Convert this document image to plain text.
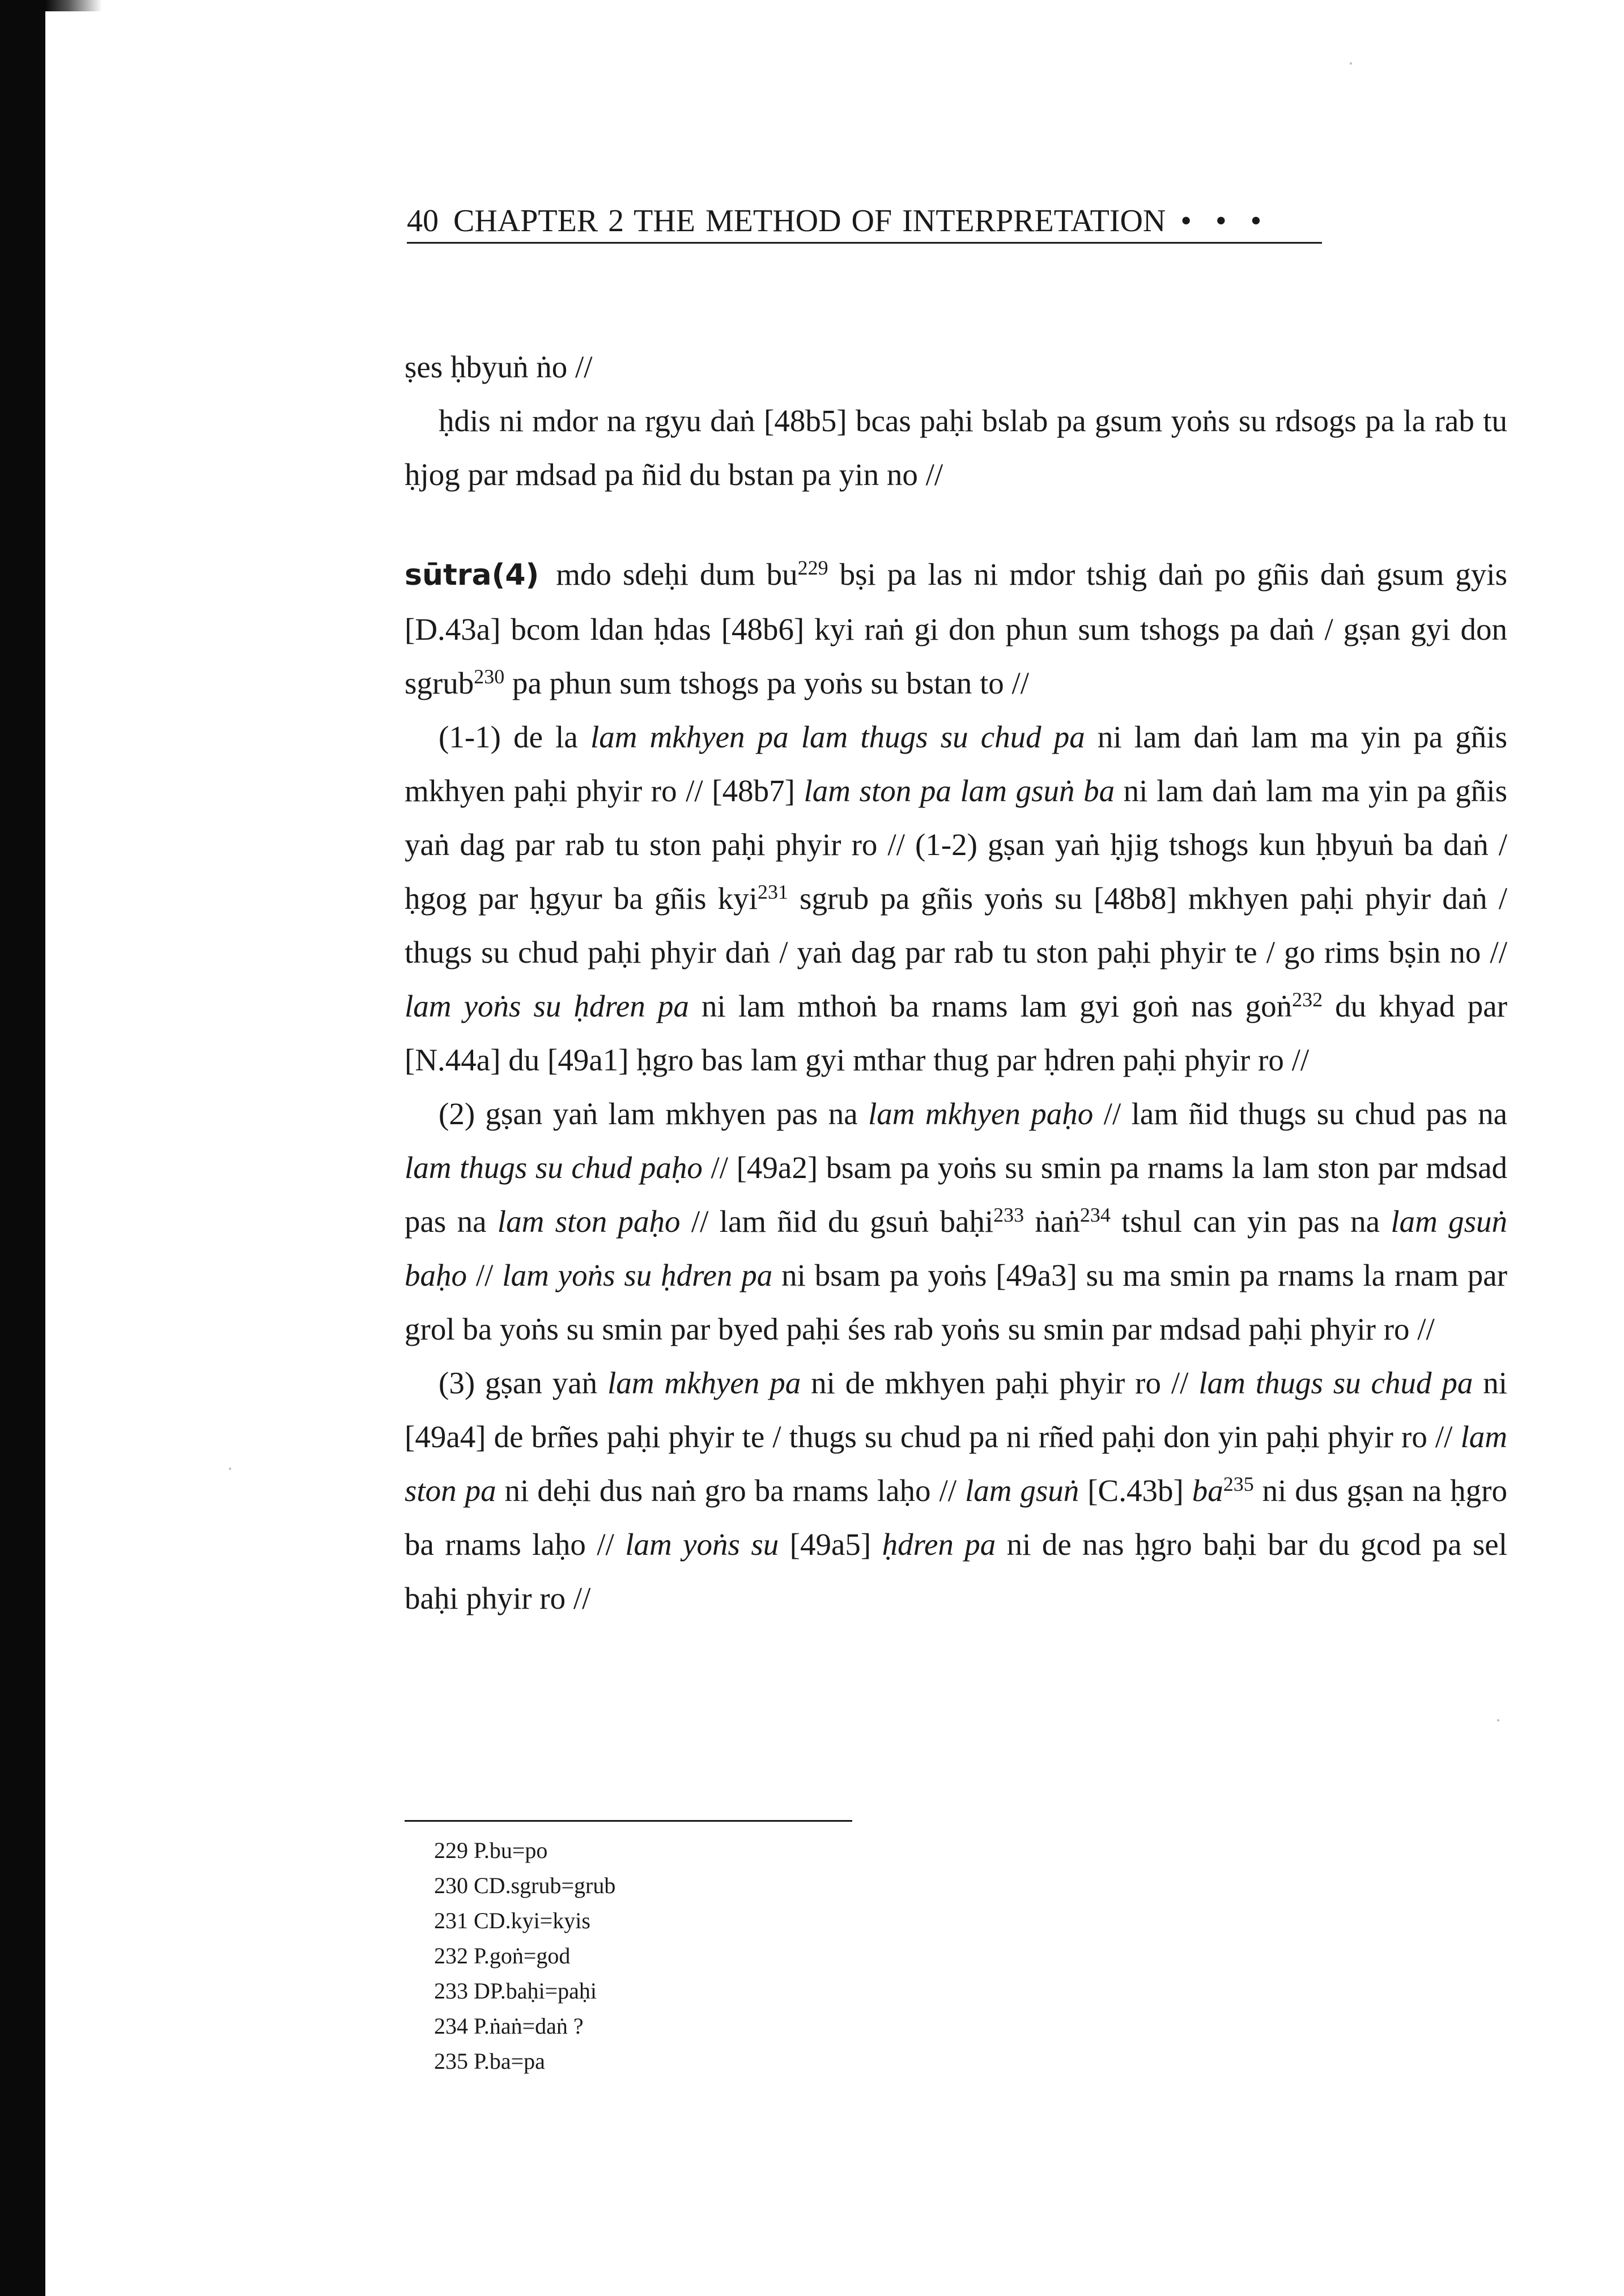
40 CHAPTER 2 THE METHOD OF INTERPRETATION • • •

ṣes ḥbyuṅ ṅo //

ḥdis ni mdor na rgyu daṅ [48b5] bcas paḥi bslab pa gsum yoṅs su rdsogs pa la rab tu ḥjog par mdsad pa ñid du bstan pa yin no //

sūtra(4) mdo sdeḥi dum $bu^{229}$ bṣi pa las ni mdor tshig daṅ po gñis daṅ gsum gyis [D.43a] bcom ldan ḥdas [48b6] kyi raṅ gi don phun sum tshogs pa daṅ / gṣan gyi don sgrub$^{230}$ pa phun sum tshogs pa yoṅs su bstan to //

(1-1) de la lam mkhyen pa lam thugs su chud pa ni lam daṅ lam ma yin pa gñis mkhyen paḥi phyir ro // [48b7] lam ston pa lam gsuṅ ba ni lam daṅ lam ma yin pa gñis yaṅ dag par rab tu ston paḥi phyir ro // (1-2) gṣan yaṅ ḥjig tshogs kun ḥbyuṅ ba daṅ / ḥgog par ḥgyur ba gñis kyi$^{231}$ sgrub pa gñis yoṅs su [48b8] mkhyen paḥi phyir daṅ / thugs su chud paḥi phyir daṅ / yaṅ dag par rab tu ston paḥi phyir te / go rims bṣin no // lam yoṅs su ḥdren pa ni lam mthoṅ ba rnams lam gyi goṅ nas goṅ$^{232}$ du khyad par [N.44a] du [49a1] ḥgro bas lam gyi mthar thug par ḥdren paḥi phyir ro //

(2) gṣan yaṅ lam mkhyen pas na lam mkhyen paḥo // lam ñid thugs su chud pas na lam thugs su chud paḥo // [49a2] bsam pa yoṅs su smin pa rnams la lam ston par mdsad pas na lam ston paḥo // lam ñid du gsuṅ baḥi$^{233}$ ṅaṅ$^{234}$ tshul can yin pas na lam gsuṅ baḥo // lam yoṅs su ḥdren pa ni bsam pa yoṅs [49a3] su ma smin pa rnams la rnam par grol ba yoṅs su smin par byed paḥi śes rab yoṅs su smin par mdsad paḥi phyir ro //

(3) gṣan yaṅ lam mkhyen pa ni de mkhyen paḥi phyir ro // lam thugs su chud pa ni [49a4] de brñes paḥi phyir te / thugs su chud pa ni rñed paḥi don yin paḥi phyir ro // lam ston pa ni deḥi dus naṅ gro ba rnams laḥo // lam gsuṅ [C.43b] $ba^{235}$ ni dus gṣan na ḥgro ba rnams laḥo // lam yoṅs su [49a5] ḥdren pa ni de nas ḥgro baḥi bar du gcod pa sel baḥi phyir ro //

229 P.bu=po
230 CD.sgrub=grub
231 CD.kyi=kyis
232 P.goṅ=god
233 DP.baḥi=paḥi
234 P.ṅaṅ=daṅ ?
235 P.ba=pa
